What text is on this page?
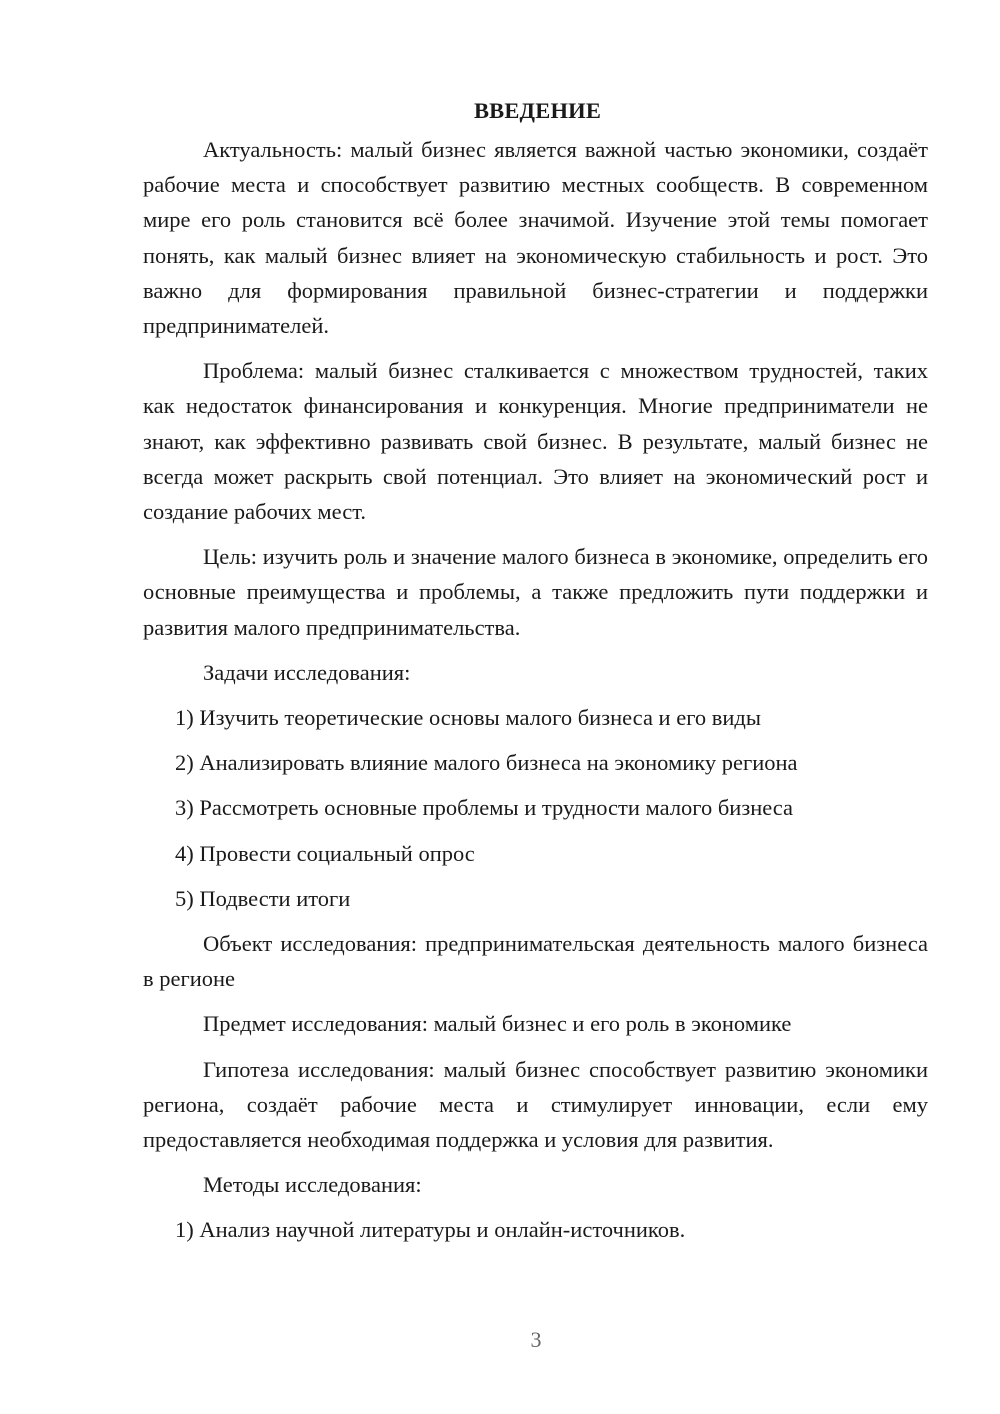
ВВЕДЕНИЕ

Актуальность: малый бизнес является важной частью экономики, создаёт рабочие места и способствует развитию местных сообществ. В современном мире его роль становится всё более значимой. Изучение этой темы помогает понять, как малый бизнес влияет на экономическую стабильность и рост. Это важно для формирования правильной бизнес-стратегии и поддержки предпринимателей.

Проблема: малый бизнес сталкивается с множеством трудностей, таких как недостаток финансирования и конкуренция. Многие предприниматели не знают, как эффективно развивать свой бизнес. В результате, малый бизнес не всегда может раскрыть свой потенциал. Это влияет на экономический рост и создание рабочих мест.

Цель: изучить роль и значение малого бизнеса в экономике, определить его основные преимущества и проблемы, а также предложить пути поддержки и развития малого предпринимательства.

Задачи исследования:

1) Изучить теоретические основы малого бизнеса и его виды

2) Анализировать влияние малого бизнеса на экономику региона

3) Рассмотреть основные проблемы и трудности малого бизнеса

4) Провести социальный опрос

5) Подвести итоги

Объект исследования: предпринимательская деятельность малого бизнеса в регионе

Предмет исследования: малый бизнес и его роль в экономике

Гипотеза исследования: малый бизнес способствует развитию экономики региона, создаёт рабочие места и стимулирует инновации, если ему предоставляется необходимая поддержка и условия для развития.

Методы исследования:

1) Анализ научной литературы и онлайн-источников.

3
